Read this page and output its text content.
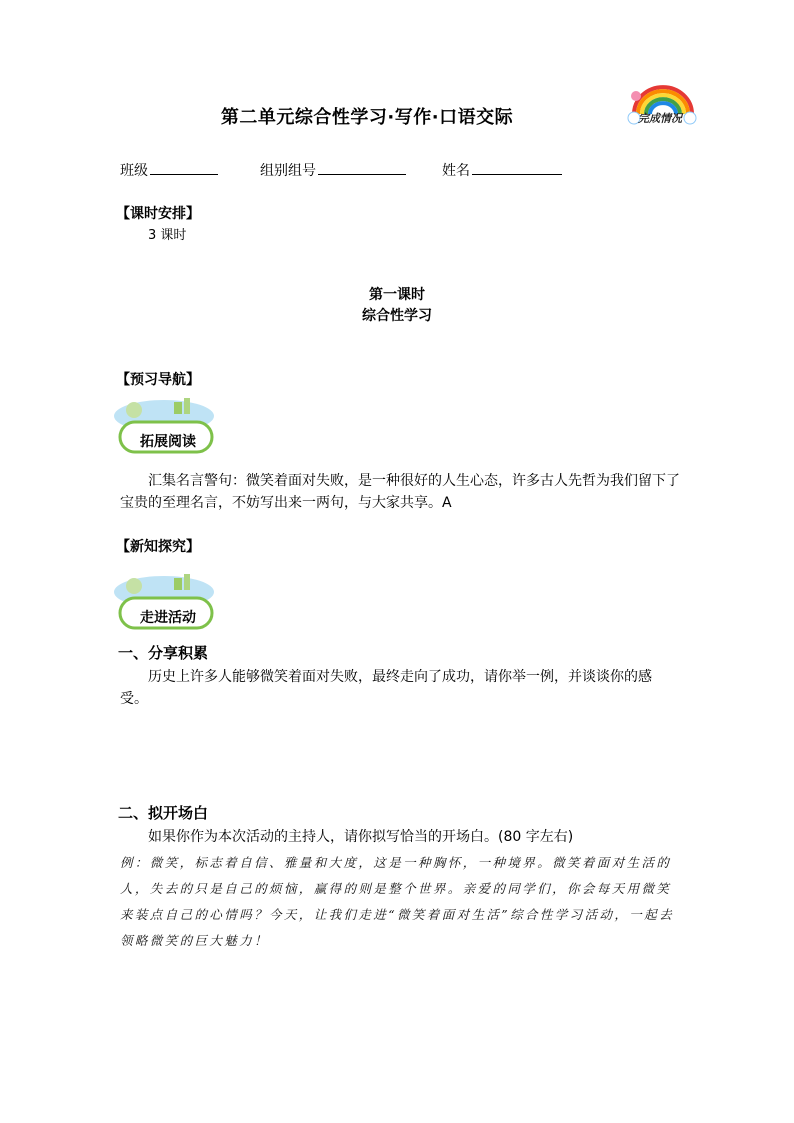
第二单元综合性学习·写作·口语交际	完成情况
班级	组别组号	姓名
【课时安排】
3 课时
第一课时
综合性学习
【预习导航】
拓展阅读
汇集名言警句：微笑着面对失败，是一种很好的人生心态，许多古人先哲为我们留下了宝贵的至理名言，不妨写出来一两句，与大家共享。A
【新知探究】
走进活动
一、分享积累
历史上许多人能够微笑着面对失败，最终走向了成功，请你举一例，并谈谈你的感受。
二、拟开场白
如果你作为本次活动的主持人，请你拟写恰当的开场白。(80 字左右)
例：微笑，标志着自信、雅量和大度，这是一种胸怀，一种境界。微笑着面对生活的人，失去的只是自己的烦恼，赢得的则是整个世界。亲爱的同学们，你会每天用微笑来装点自己的心情吗？今天，让我们走进“微笑着面对生活”综合性学习活动，一起去领略微笑的巨大魅力！
